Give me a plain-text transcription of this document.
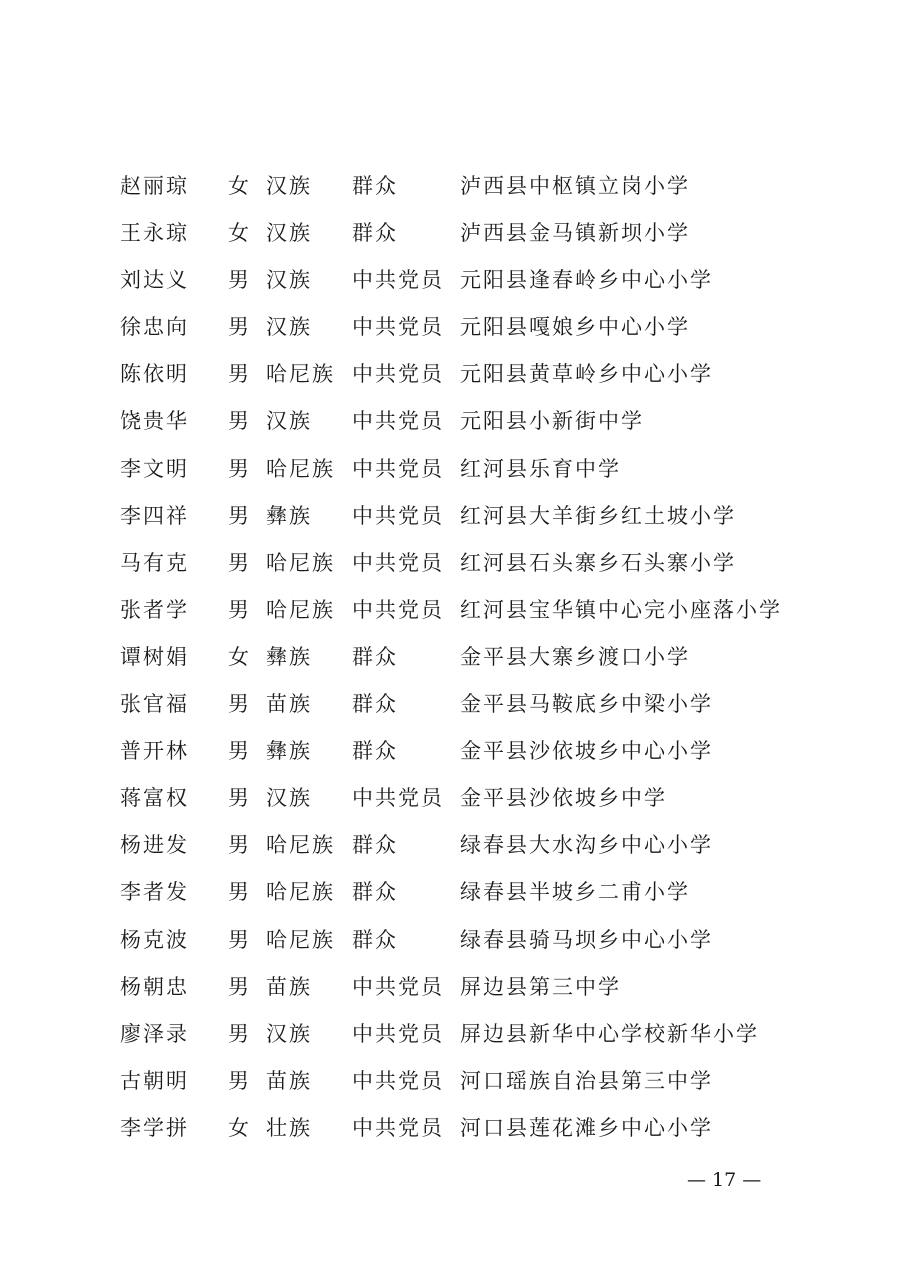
赵丽琼 女 汉族 群众	泸西县中枢镇立岗小学
王永琼 女 汉族 群众	泸西县金马镇新坝小学
刘达义 男 汉族 中共党员 元阳县逢春岭乡中心小学
徐忠向 男 汉族 中共党员 元阳县嘎娘乡中心小学
陈依明 男 哈尼族 中共党员 元阳县黄草岭乡中心小学
饶贵华 男 汉族 中共党员 元阳县小新街中学
李文明 男 哈尼族 中共党员 红河县乐育中学
李四祥 男 彝族 中共党员 红河县大羊街乡红土坡小学
马有克 男 哈尼族 中共党员 红河县石头寨乡石头寨小学
张者学 男 哈尼族 中共党员 红河县宝华镇中心完小座落小学
谭树娟 女 彝族 群众	金平县大寨乡渡口小学
张官福 男 苗族 群众	金平县马鞍底乡中梁小学
普开林 男 彝族 群众	金平县沙依坡乡中心小学
蒋富权 男 汉族 中共党员 金平县沙依坡乡中学
杨进发 男 哈尼族 群众	绿春县大水沟乡中心小学
李者发 男 哈尼族 群众	绿春县半坡乡二甫小学
杨克波 男 哈尼族 群众	绿春县骑马坝乡中心小学
杨朝忠 男 苗族 中共党员 屏边县第三中学
廖泽录 男 汉族 中共党员 屏边县新华中心学校新华小学
古朝明 男 苗族 中共党员 河口瑶族自治县第三中学
李学拼 女 壮族 中共党员 河口县莲花滩乡中心小学
— 17 —
